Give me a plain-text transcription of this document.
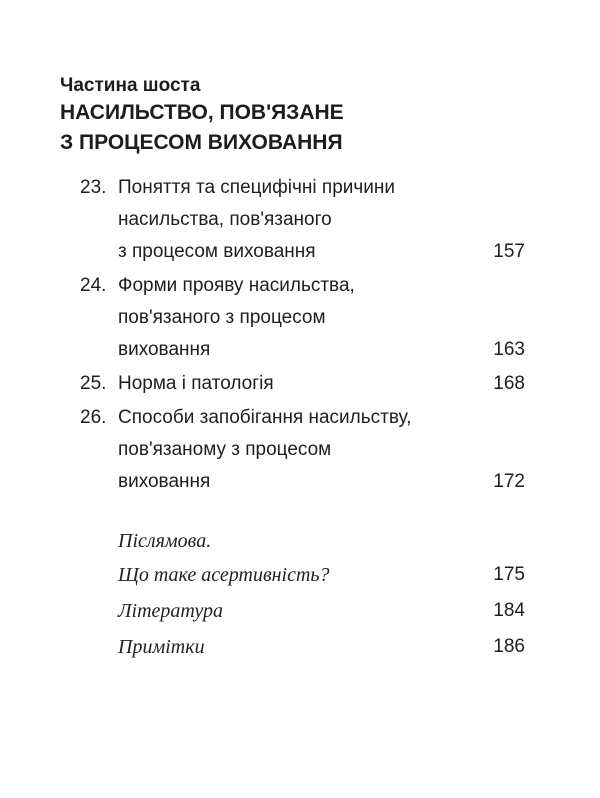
Частина шоста
НАСИЛЬСТВО, ПОВ'ЯЗАНЕ
З ПРОЦЕСОМ ВИХОВАННЯ
23. Поняття та специфічні причини
насильства, пов'язаного
з процесом виховання	157
24. Форми прояву насильства,
пов'язаного з процесом
виховання	163
25. Норма і патологія	168
26. Способи запобігання насильству,
пов'язаному з процесом
виховання	172
Післямова.
Що таке асертивність?	175
Література	184
Примітки	186
